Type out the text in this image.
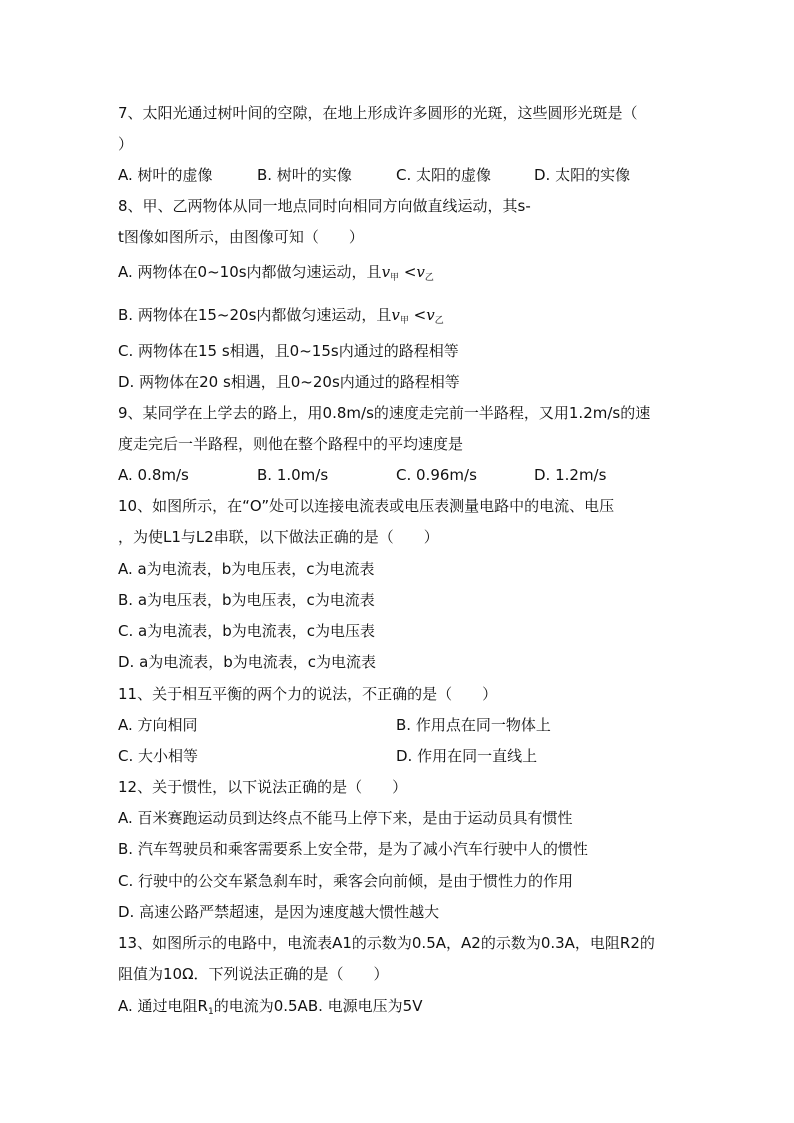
7、太阳光通过树叶间的空隙，在地上形成许多圆形的光斑，这些圆形光斑是（
）
A. 树叶的虚像	B. 树叶的实像	C. 太阳的虚像	D. 太阳的实像
8、甲、乙两物体从同一地点同时向相同方向做直线运动，其s-
t图像如图所示，由图像可知（　　）
A. 两物体在0~10s内都做匀速运动，且$v_甲 <v_乙$
B. 两物体在15~20s内都做匀速运动，且$v_甲 <v_乙$
C. 两物体在15 s相遇，且0~15s内通过的路程相等
D. 两物体在20 s相遇，且0~20s内通过的路程相等
9、某同学在上学去的路上，用0.8m/s的速度走完前一半路程，又用1.2m/s的速
度走完后一半路程，则他在整个路程中的平均速度是
A. 0.8m/s	B. 1.0m/s	C. 0.96m/s	D. 1.2m/s
10、如图所示，在“O”处可以连接电流表或电压表测量电路中的电流、电压
，为使L1与L2串联，以下做法正确的是（　　）
A. a为电流表，b为电压表，c为电流表
B. a为电压表，b为电压表，c为电流表
C. a为电流表，b为电流表，c为电压表
D. a为电流表，b为电流表，c为电流表
11、关于相互平衡的两个力的说法，不正确的是（　　）
A. 方向相同	B. 作用点在同一物体上
C. 大小相等	D. 作用在同一直线上
12、关于惯性，以下说法正确的是（　　）
A. 百米赛跑运动员到达终点不能马上停下来，是由于运动员具有惯性
B. 汽车驾驶员和乘客需要系上安全带，是为了减小汽车行驶中人的惯性
C. 行驶中的公交车紧急刹车时，乘客会向前倾，是由于惯性力的作用
D. 高速公路严禁超速，是因为速度越大惯性越大
13、如图所示的电路中，电流表A1的示数为0.5A，A2的示数为0.3A，电阻R2的
阻值为10Ω．下列说法正确的是（　　）
A. 通过电阻$R_1$的电流为0.5AB. 电源电压为5V
